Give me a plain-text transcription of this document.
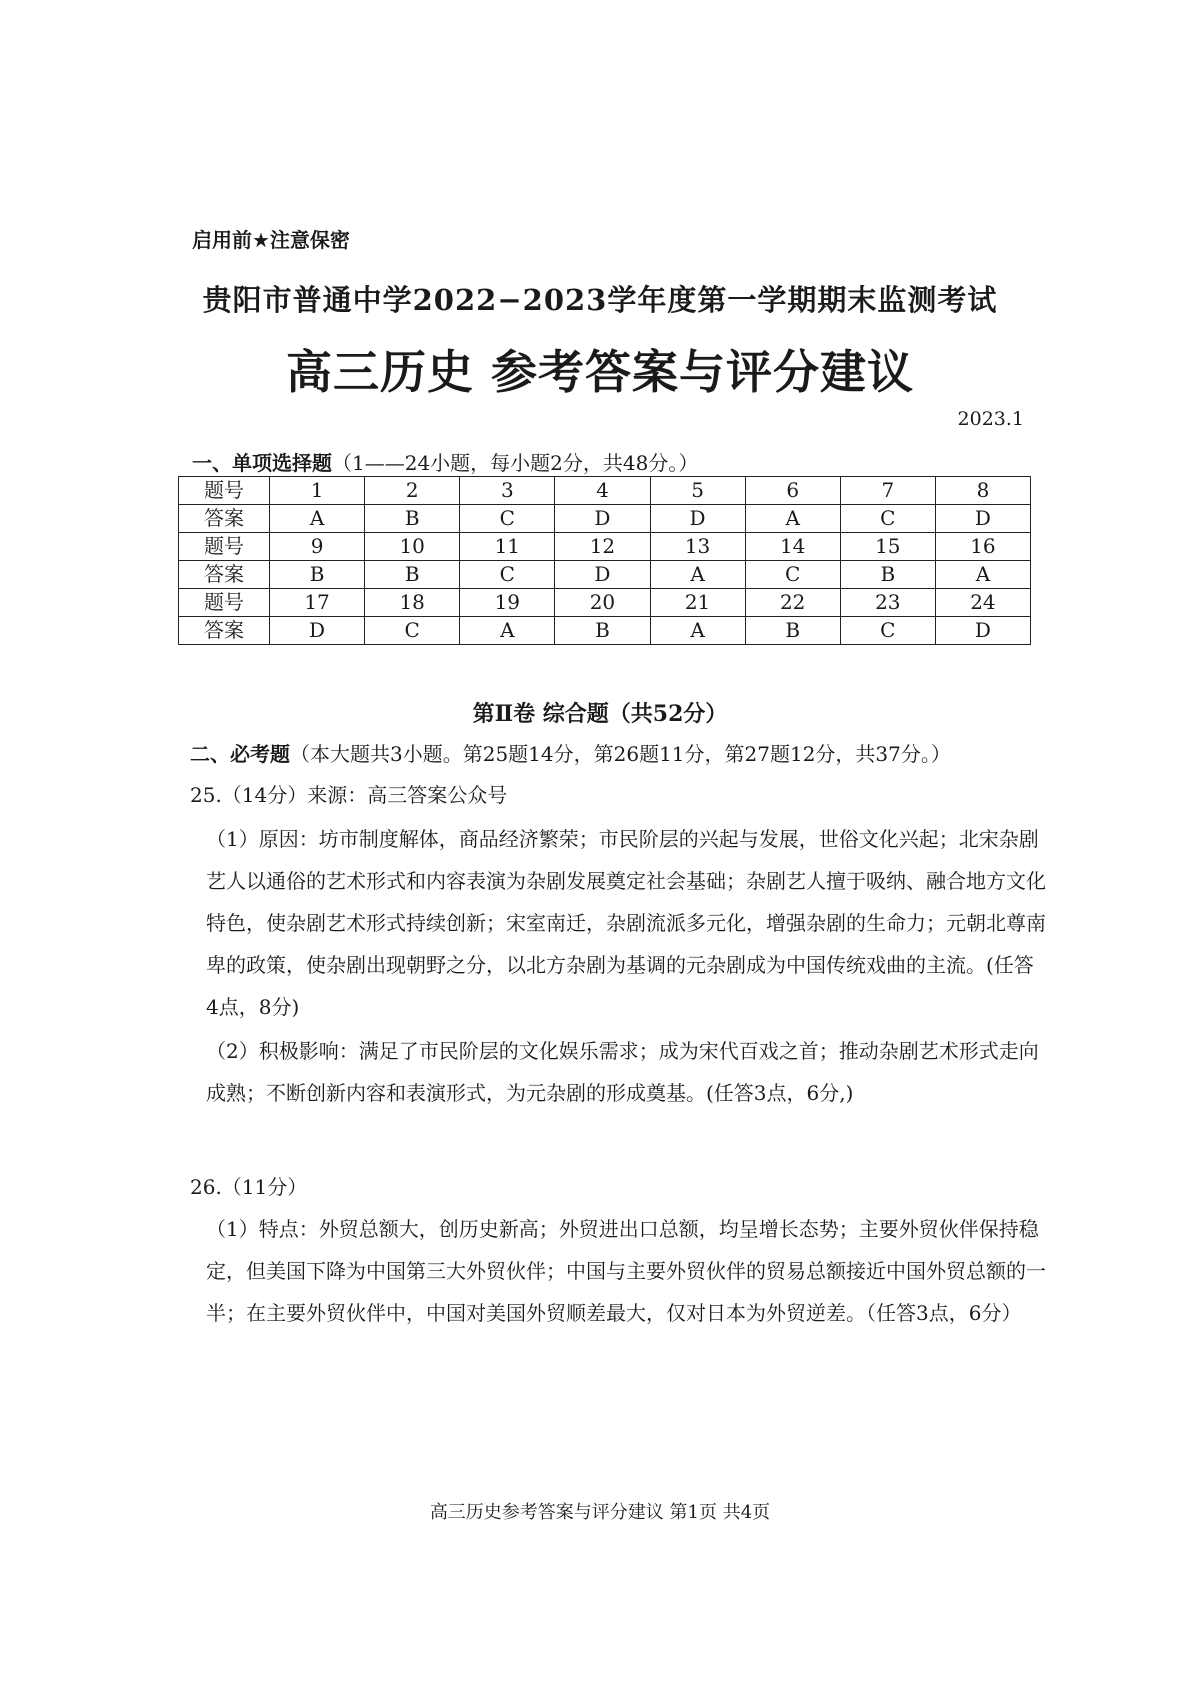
启用前★注意保密
贵阳市普通中学2022−2023学年度第一学期期末监测考试
高三历史 参考答案与评分建议
2023.1
一、单项选择题（1——24小题，每小题2分，共48分。）
题号	1	2	3	4	5	6	7	8
答案	A	B	C	D	D	A	C	D
题号	9	10	11	12	13	14	15	16
答案	B	B	C	D	A	C	B	A
题号	17	18	19	20	21	22	23	24
答案	D	C	A	B	A	B	C	D
第Ⅱ卷 综合题（共52分）
二、必考题（本大题共3小题。第25题14分，第26题11分，第27题12分，共37分。）
25.（14分）来源：高三答案公众号
（1）原因：坊市制度解体，商品经济繁荣；市民阶层的兴起与发展，世俗文化兴起；北宋杂剧艺人以通俗的艺术形式和内容表演为杂剧发展奠定社会基础；杂剧艺人擅于吸纳、融合地方文化特色，使杂剧艺术形式持续创新；宋室南迁，杂剧流派多元化，增强杂剧的生命力；元朝北尊南卑的政策，使杂剧出现朝野之分，以北方杂剧为基调的元杂剧成为中国传统戏曲的主流。(任答4点，8分)
（2）积极影响：满足了市民阶层的文化娱乐需求；成为宋代百戏之首；推动杂剧艺术形式走向成熟；不断创新内容和表演形式，为元杂剧的形成奠基。(任答3点，6分,)
26.（11分）
（1）特点：外贸总额大，创历史新高；外贸进出口总额，均呈增长态势；主要外贸伙伴保持稳定，但美国下降为中国第三大外贸伙伴；中国与主要外贸伙伴的贸易总额接近中国外贸总额的一半；在主要外贸伙伴中，中国对美国外贸顺差最大，仅对日本为外贸逆差。（任答3点，6分）
高三历史参考答案与评分建议 第1页 共4页
